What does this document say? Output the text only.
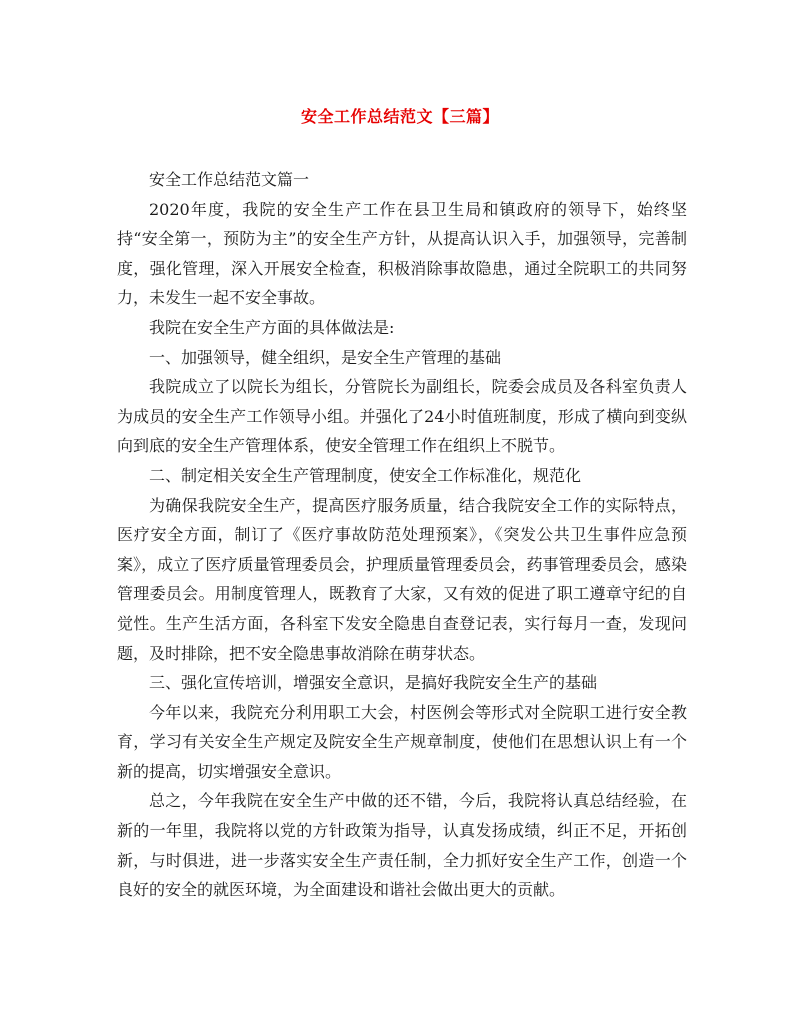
安全工作总结范文【三篇】

安全工作总结范文篇一

2020年度，我院的安全生产工作在县卫生局和镇政府的领导下，始终坚持“安全第一，预防为主”的安全生产方针，从提高认识入手，加强领导，完善制度，强化管理，深入开展安全检查，积极消除事故隐患，通过全院职工的共同努力，未发生一起不安全事故。

我院在安全生产方面的具体做法是:

一、加强领导，健全组织，是安全生产管理的基础

我院成立了以院长为组长，分管院长为副组长，院委会成员及各科室负责人为成员的安全生产工作领导小组。并强化了24小时值班制度，形成了横向到变纵向到底的安全生产管理体系，使安全管理工作在组织上不脱节。

二、制定相关安全生产管理制度，使安全工作标准化，规范化

为确保我院安全生产，提高医疗服务质量，结合我院安全工作的实际特点，医疗安全方面，制订了《医疗事故防范处理预案》，《突发公共卫生事件应急预案》，成立了医疗质量管理委员会，护理质量管理委员会，药事管理委员会，感染管理委员会。用制度管理人，既教育了大家，又有效的促进了职工遵章守纪的自觉性。生产生活方面，各科室下发安全隐患自查登记表，实行每月一查，发现问题，及时排除，把不安全隐患事故消除在萌芽状态。

三、强化宣传培训，增强安全意识，是搞好我院安全生产的基础

今年以来，我院充分利用职工大会，村医例会等形式对全院职工进行安全教育，学习有关安全生产规定及院安全生产规章制度，使他们在思想认识上有一个新的提高，切实增强安全意识。

总之，今年我院在安全生产中做的还不错，今后，我院将认真总结经验，在新的一年里，我院将以党的方针政策为指导，认真发扬成绩，纠正不足，开拓创新，与时俱进，进一步落实安全生产责任制，全力抓好安全生产工作，创造一个良好的安全的就医环境，为全面建设和谐社会做出更大的贡献。
